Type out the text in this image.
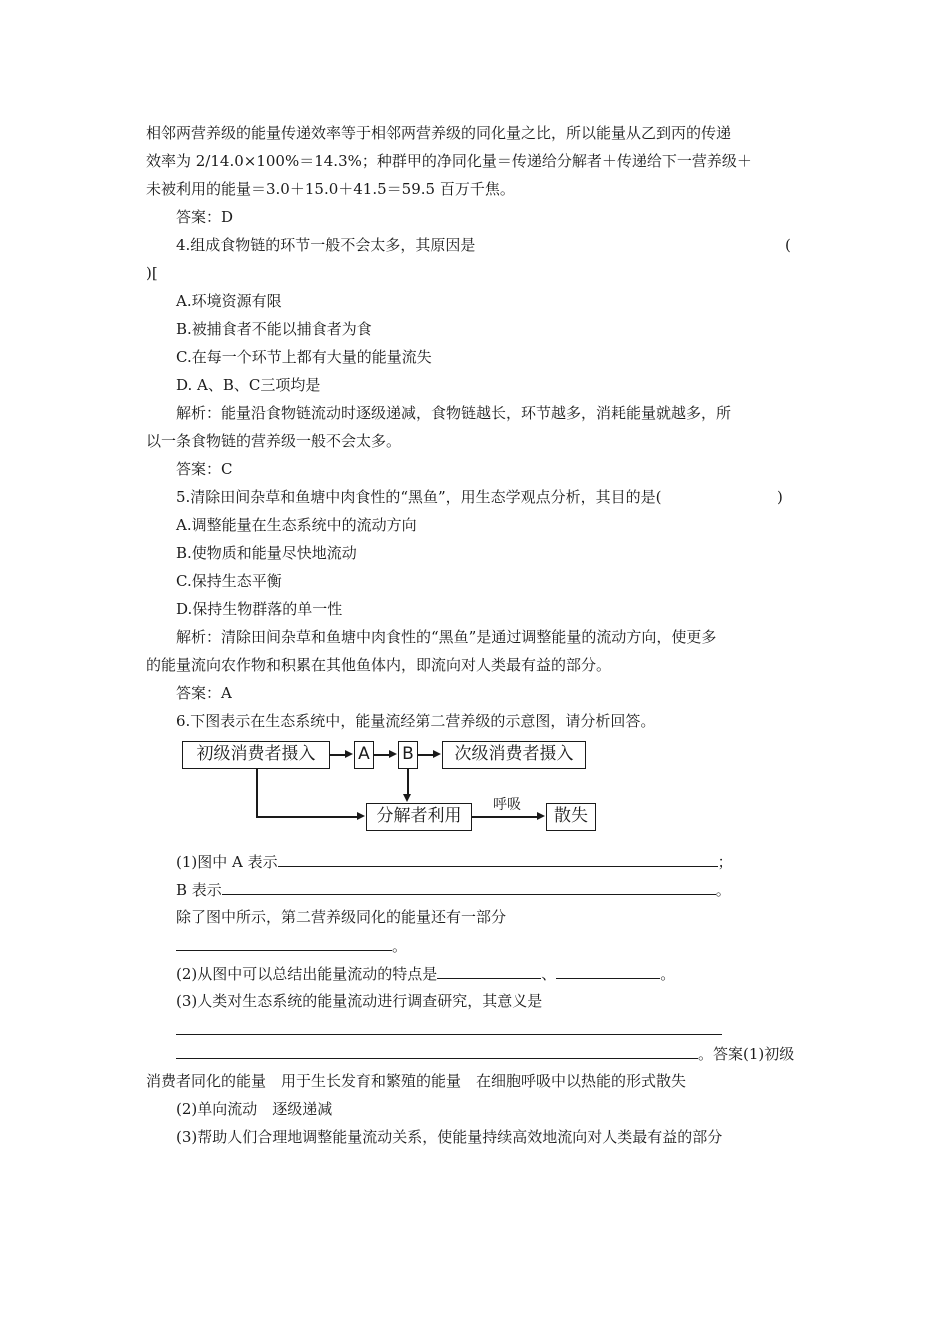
相邻两营养级的能量传递效率等于相邻两营养级的同化量之比，所以能量从乙到丙的传递
效率为 2/14.0×100%＝14.3%；种群甲的净同化量＝传递给分解者＋传递给下一营养级＋
未被利用的能量＝3.0＋15.0＋41.5＝59.5 百万千焦。
答案：D
4.组成食物链的环节一般不会太多，其原因是	(
)[
A.环境资源有限
B.被捕食者不能以捕食者为食
C.在每一个环节上都有大量的能量流失
D. A、B、C三项均是
解析：能量沿食物链流动时逐级递减，食物链越长，环节越多，消耗能量就越多，所
以一条食物链的营养级一般不会太多。
答案：C
5.清除田间杂草和鱼塘中肉食性的“黑鱼”，用生态学观点分析，其目的是(	)
A.调整能量在生态系统中的流动方向
B.使物质和能量尽快地流动
C.保持生态平衡
D.保持生物群落的单一性
解析：清除田间杂草和鱼塘中肉食性的“黑鱼”是通过调整能量的流动方向，使更多
的能量流向农作物和积累在其他鱼体内，即流向对人类最有益的部分。
答案：A
6.下图表示在生态系统中，能量流经第二营养级的示意图，请分析回答。
初级消费者摄入	A B	次级消费者摄入
分解者利用
呼吸
散失
(1)图中 A 表示	；
B 表示	。
除了图中所示，第二营养级同化的能量还有一部分
。
(2)从图中可以总结出能量流动的特点是	、	。
(3)人类对生态系统的能量流动进行调查研究，其意义是
。答案(1)初级
消费者同化的能量　用于生长发育和繁殖的能量　在细胞呼吸中以热能的形式散失
(2)单向流动　逐级递减
(3)帮助人们合理地调整能量流动关系，使能量持续高效地流向对人类最有益的部分
